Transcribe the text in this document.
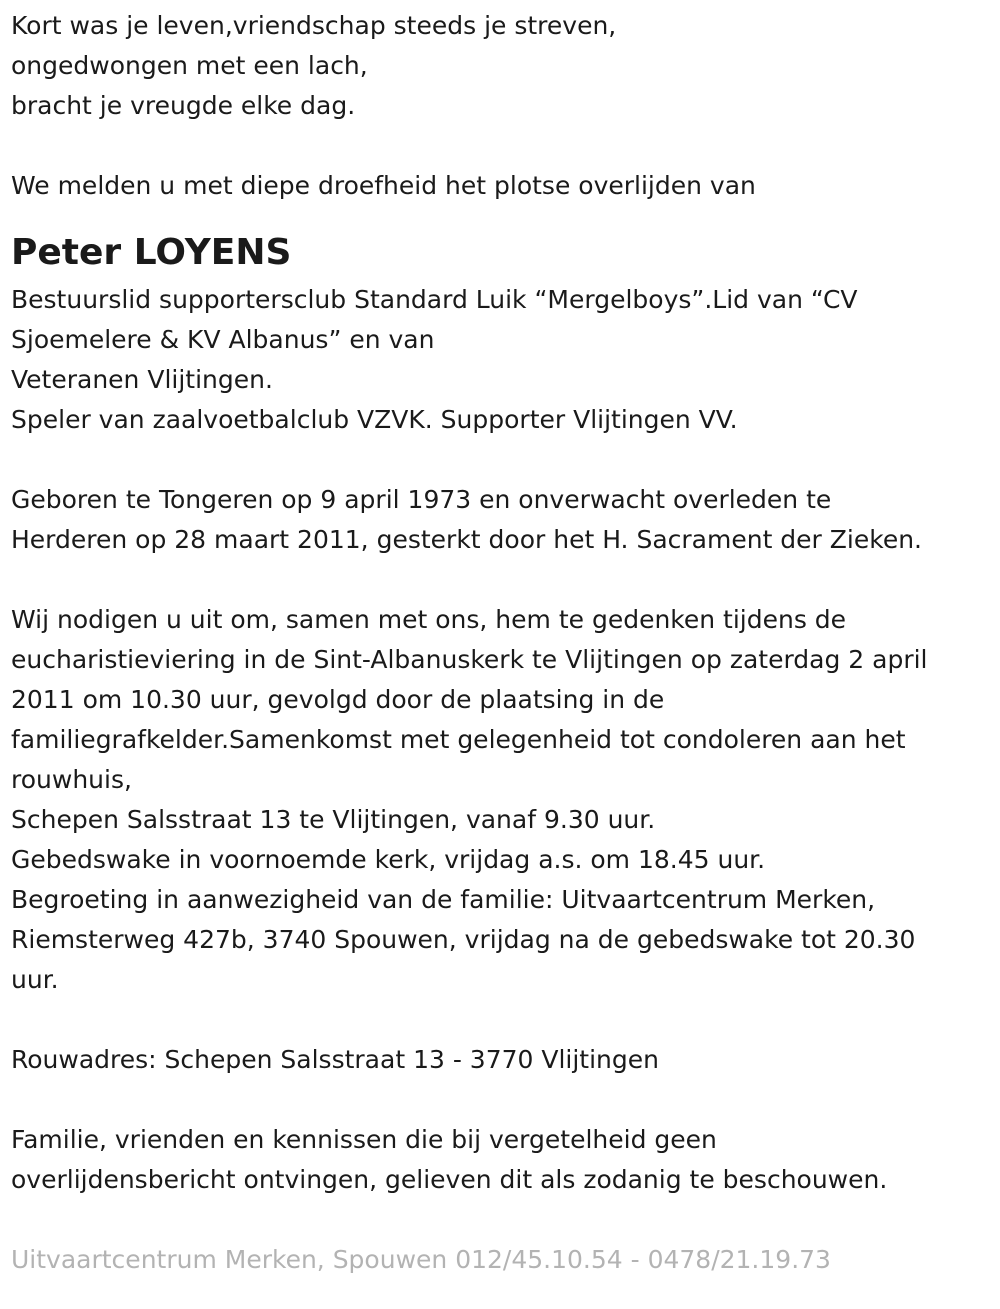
Kort was je leven,vriendschap steeds je streven,
ongedwongen met een lach,
bracht je vreugde elke dag.
We melden u met diepe droefheid het plotse overlijden van
Peter LOYENS
Bestuurslid supportersclub Standard Luik “Mergelboys”.Lid van “CV
Sjoemelere & KV Albanus” en van
Veteranen Vlijtingen.
Speler van zaalvoetbalclub VZVK. Supporter Vlijtingen VV.
Geboren te Tongeren op 9 april 1973 en onverwacht overleden te
Herderen op 28 maart 2011, gesterkt door het H. Sacrament der Zieken.
Wij nodigen u uit om, samen met ons, hem te gedenken tijdens de
eucharistieviering in de Sint-Albanuskerk te Vlijtingen op zaterdag 2 april
2011 om 10.30 uur, gevolgd door de plaatsing in de
familiegrafkelder.Samenkomst met gelegenheid tot condoleren aan het
rouwhuis,
Schepen Salsstraat 13 te Vlijtingen, vanaf 9.30 uur.
Gebedswake in voornoemde kerk, vrijdag a.s. om 18.45 uur.
Begroeting in aanwezigheid van de familie: Uitvaartcentrum Merken,
Riemsterweg 427b, 3740 Spouwen, vrijdag na de gebedswake tot 20.30
uur.
Rouwadres: Schepen Salsstraat 13 - 3770 Vlijtingen
Familie, vrienden en kennissen die bij vergetelheid geen
overlijdensbericht ontvingen, gelieven dit als zodanig te beschouwen.
Uitvaartcentrum Merken, Spouwen 012/45.10.54 - 0478/21.19.73
